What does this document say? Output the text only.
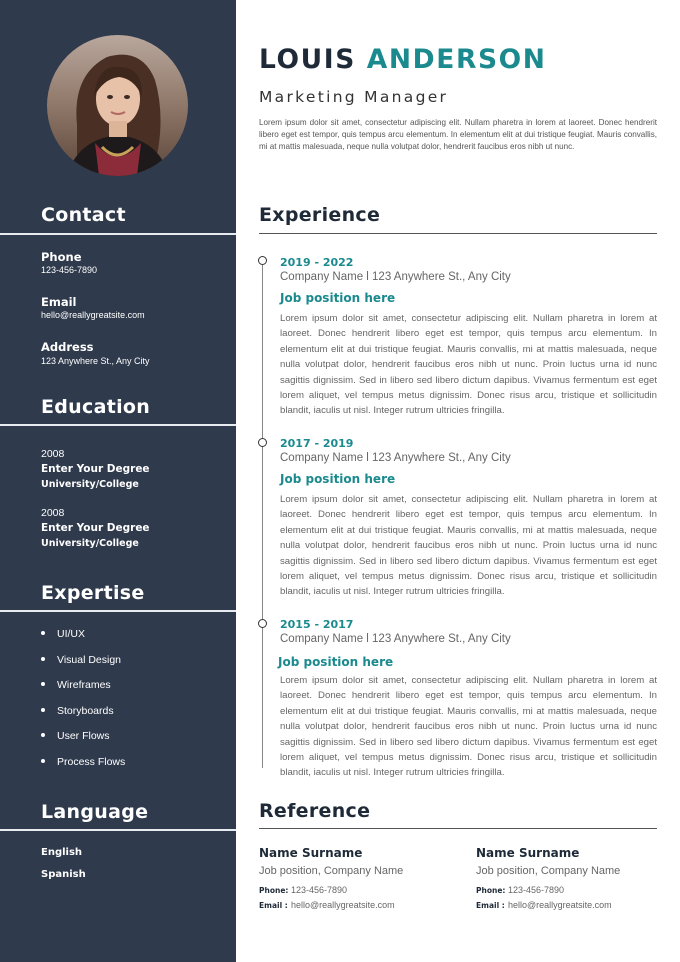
Contact
Phone
123-456-7890
Email
hello@reallygreatsite.com
Address
123 Anywhere St., Any City
Education
2008
Enter Your Degree
University/College
2008
Enter Your Degree
University/College
Expertise
UI/UX
Visual Design
Wireframes
Storyboards
User Flows
Process Flows
Language
English
Spanish
LOUIS ANDERSON
Marketing Manager

Lorem ipsum dolor sit amet, consectetur adipiscing elit. Nullam pharetra in lorem at laoreet. Donec hendrerit libero eget est tempor, quis tempus arcu elementum. In elementum elit at dui tristique feugiat. Mauris convallis, mi at mattis malesuada, neque nulla volutpat dolor, hendrerit faucibus eros nibh ut nunc.

Experience
2019 - 2022
Company Name l 123 Anywhere St., Any City
Job position here

Lorem ipsum dolor sit amet, consectetur adipiscing elit. Nullam pharetra in lorem at laoreet. Donec hendrerit libero eget est tempor, quis tempus arcu elementum. In elementum elit at dui tristique feugiat. Mauris convallis, mi at mattis malesuada, neque nulla volutpat dolor, hendrerit faucibus eros nibh ut nunc. Proin luctus urna id nunc sagittis dignissim. Sed in libero sed libero dictum dapibus. Vivamus fermentum est eget lorem aliquet, vel tempus metus dignissim. Donec risus arcu, tristique et sollicitudin blandit, iaculis ut nisl. Integer rutrum ultricies fringilla.

2017 - 2019
Company Name l 123 Anywhere St., Any City
Job position here

Lorem ipsum dolor sit amet, consectetur adipiscing elit. Nullam pharetra in lorem at laoreet. Donec hendrerit libero eget est tempor, quis tempus arcu elementum. In elementum elit at dui tristique feugiat. Mauris convallis, mi at mattis malesuada, neque nulla volutpat dolor, hendrerit faucibus eros nibh ut nunc. Proin luctus urna id nunc sagittis dignissim. Sed in libero sed libero dictum dapibus. Vivamus fermentum est eget lorem aliquet, vel tempus metus dignissim. Donec risus arcu, tristique et sollicitudin blandit, iaculis ut nisl. Integer rutrum ultricies fringilla.

2015 - 2017
Company Name l 123 Anywhere St., Any City
Job position here

Lorem ipsum dolor sit amet, consectetur adipiscing elit. Nullam pharetra in lorem at laoreet. Donec hendrerit libero eget est tempor, quis tempus arcu elementum. In elementum elit at dui tristique feugiat. Mauris convallis, mi at mattis malesuada, neque nulla volutpat dolor, hendrerit faucibus eros nibh ut nunc. Proin luctus urna id nunc sagittis dignissim. Sed in libero sed libero dictum dapibus. Vivamus fermentum est eget lorem aliquet, vel tempus metus dignissim. Donec risus arcu, tristique et sollicitudin blandit, iaculis ut nisl. Integer rutrum ultricies fringilla.

Reference
Name Surname
Job position, Company Name
Phone: 123-456-7890
Email : hello@reallygreatsite.com
Name Surname
Job position, Company Name
Phone: 123-456-7890
Email : hello@reallygreatsite.com
